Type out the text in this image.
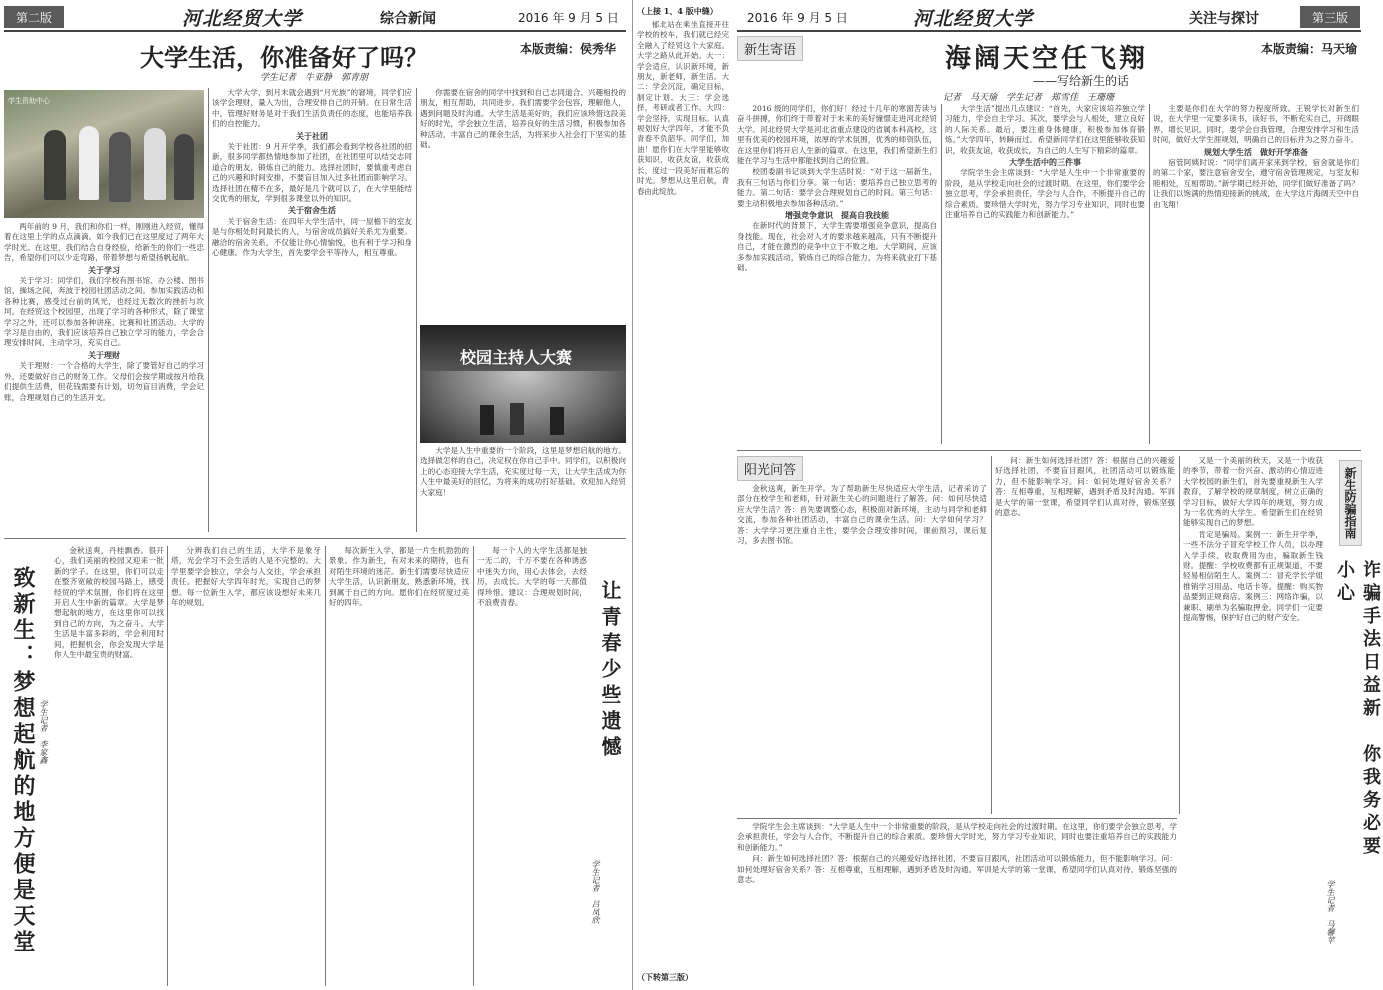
第二版	河北经贸大学	综合新闻	2016 年 9 月 5 日
大学生活，你准备好了吗？	本版责编：侯秀华
学生记者　牛亚静　郭青朋
学生资助中心

两年前的 9 月，我们和你们一样，刚刚进入经贸，懂得着在这里上学的点点滴滴。如今我们已在这里度过了两年大学时光。在这里，我们结合自身经验，给新生的你们一些忠告，希望你们可以少走弯路，带着梦想与希望扬帆起航。

关于学习

关于学习：同学们，我们学校有图书馆、办公楼、图书馆、操场之间，奔波于校园社团活动之间。参加实践活动和各种比赛，感受过台前的风光，也经过无数次的挫折与坎坷。在经贸这个校园里，出现了学习的各种形式，除了课堂学习之外，还可以参加各种讲座、比赛和社团活动。大学的学习是自由的，我们应该培养自己独立学习的能力，学会合理安排时间，主动学习，充实自己。

关于理财

关于理财：一个合格的大学生，除了要管好自己的学习外，还要做好自己的财务工作。父母们会按学期或按月给我们提供生活费，但花钱需要有计划，切勿盲目消费，学会记账，合理规划自己的生活开支。

大学大学，到月末就会遇到“月光族”的窘境，同学们应该学会理财，量入为出，合理安排自己的开销。在日常生活中，管理好财务是对于我们生活负责任的态度，也能培养我们的自控能力。

关于社团

关于社团：9 月开学季，我们都会看到学校各社团的招新，很多同学都热情地参加了社团，在社团里可以结交志同道合的朋友，锻炼自己的能力。选择社团时，要慎重考虑自己的兴趣和时间安排，不要盲目加入过多社团而影响学习。选择社团在精不在多，最好是几个就可以了，在大学里能结交优秀的朋友，学到很多课堂以外的知识。

关于宿舍生活

关于宿舍生活：在四年大学生活中，同一屋檐下的室友是与你相处时间最长的人，与宿舍成员搞好关系尤为重要。融洽的宿舍关系，不仅能让你心情愉悦，也有利于学习和身心健康。作为大学生，首先要学会平等待人，相互尊重。

你需要在宿舍的同学中找到和自己志同道合、兴趣相投的朋友，相互帮助，共同进步。我们需要学会包容，理解他人，遇到问题及时沟通。大学生活是美好的，我们应该珍惜这段美好的时光，学会独立生活，培养良好的生活习惯，积极参加各种活动，丰富自己的课余生活，为将来步入社会打下坚实的基础。

校园主持人大赛

大学是人生中重要的一个阶段，这里是梦想启航的地方。选择做怎样的自己，决定权在你自己手中。同学们，以积极向上的心态迎接大学生活，充实度过每一天，让大学生活成为你人生中最美好的回忆，为将来的成功打好基础。欢迎加入经贸大家庭！

致新生：梦想起航的地方便是天堂 学生记者　李家鑫

金秋送爽，丹桂飘香。很开心，我们美丽的校园又迎来一批新的学子。在这里，你们可以走在整齐宽敞的校园马路上，感受经贸的学术氛围，你们将在这里开启人生中新的篇章。大学是梦想起航的地方，在这里你可以找到自己的方向，为之奋斗。大学生活是丰富多彩的，学会利用时间，把握机会，你会发现大学是你人生中最宝贵的财富。

分辨我们自己的生活，大学不是象牙塔，光会学习不会生活的人是不完整的。大学里要学会独立，学会与人交往，学会承担责任。把握好大学四年时光，实现自己的梦想。每一位新生入学，都应该设想好未来几年的规划。

每次新生入学，都是一片生机勃勃的景象。作为新生，有对未来的期待，也有对陌生环境的迷茫。新生们需要尽快适应大学生活，认识新朋友，熟悉新环境，找到属于自己的方向。愿你们在经贸度过美好的四年。

每一个人的大学生活都是独一无二的，千万不要在各种诱惑中迷失方向，用心去体会，去经历，去成长。大学的每一天都值得珍惜。建议：合理规划时间，不浪费青春。	让青春少些遗憾
学生记者　吕凤欣
（上接 1、4 版中缝）

郁北站在乘坐直接开往学校的校车，我们就已经完全融入了经贸这个大家庭。大学之路从此开始。大一：学会适应，认识新环境，新朋友，新老师，新生活。大二：学会沉淀，确定目标，制定计划。大三：学会选择，考研或者工作。大四：学会坚持，实现目标。认真规划好大学四年，才能不负青春不负韶华。同学们，加油！愿你们在大学里能够收获知识，收获友谊，收获成长，度过一段美好而难忘的时光。梦想从这里启航，青春由此绽放。

（下转第三版）
2016 年 9 月 5 日	河北经贸大学	关注与探讨	第三版
新生寄语	海阔天空任飞翔	本版责编：马天瑜
——写给新生的话
记者　马天瑜　学生记者　郑雪佳　王珊珊

2016 级的同学们，你们好！经过十几年的寒窗苦读与奋斗拼搏，你们终于带着对于未来的美好憧憬走进河北经贸大学。河北经贸大学是河北省重点建设的省属本科高校，这里有优美的校园环境，浓厚的学术氛围，优秀的师资队伍，在这里你们将开启人生新的篇章。在这里，我们希望新生们能在学习与生活中都能找到自己的位置。

校团委副书记谈到大学生活时说：“对于这一届新生，我有三句话与你们分享。第一句话：要培养自己独立思考的能力。第二句话：要学会合理规划自己的时间。第三句话：要主动积极地去参加各种活动。”

增强竞争意识　提高自我技能

在新时代的背景下，大学生需要增强竞争意识，提高自身技能。现在，社会对人才的要求越来越高，只有不断提升自己，才能在激烈的竞争中立于不败之地。大学期间，应该多参加实践活动，锻炼自己的综合能力，为将来就业打下基础。

大学生活”提出几点建议：“首先，大家应该培养独立学习能力，学会自主学习。其次，要学会与人相处，建立良好的人际关系。最后，要注重身体健康，积极参加体育锻炼。”大学四年，转瞬而过。希望新同学们在这里能够收获知识，收获友谊，收获成长，为自己的人生写下精彩的篇章。

大学生活中的三件事

学院学生会主席谈到：“大学是人生中一个非常重要的阶段，是从学校走向社会的过渡时期。在这里，你们要学会独立思考，学会承担责任，学会与人合作，不断提升自己的综合素质。要珍惜大学时光，努力学习专业知识，同时也要注重培养自己的实践能力和创新能力。”

主要是你们在大学的努力程度所致。王锐学长对新生们说，在大学里一定要多读书，读好书，不断充实自己，开阔眼界，增长见识。同时，要学会自我管理，合理安排学习和生活时间，做好大学生涯规划，明确自己的目标并为之努力奋斗。

规划大学生活　做好开学准备

宿管阿姨时说：“同学们离开家来到学校，宿舍就是你们的第二个家，要注意宿舍安全，遵守宿舍管理规定，与室友和睦相处，互相帮助。”新学期已经开始，同学们做好准备了吗？让我们以饱满的热情迎接新的挑战，在大学这片海阔天空中自由飞翔！

阳光问答

金秋送爽，新生开学。为了帮助新生尽快适应大学生活，记者采访了部分在校学生和老师，针对新生关心的问题进行了解答。问：如何尽快适应大学生活？答：首先要调整心态，积极面对新环境，主动与同学和老师交流，参加各种社团活动，丰富自己的课余生活。问：大学如何学习？答：大学学习更注重自主性，要学会合理安排时间，课前预习，课后复习，多去图书馆。

问：新生如何选择社团？答：根据自己的兴趣爱好选择社团，不要盲目跟风，社团活动可以锻炼能力，但不能影响学习。问：如何处理好宿舍关系？答：互相尊重，互相理解，遇到矛盾及时沟通。军训是大学的第一堂课，希望同学们认真对待，锻炼坚强的意志。

又是一个美丽的秋天，又是一个收获的季节，带着一份兴奋、激动的心情迈进大学校园的新生们，首先要重视新生入学教育，了解学校的规章制度，树立正确的学习目标，做好大学四年的规划，努力成为一名优秀的大学生。希望新生们在经贸能够实现自己的梦想。

肯定是骗局。案例一：新生开学季，一些不法分子冒充学校工作人员，以办理入学手续、收取费用为由，骗取新生钱财。提醒：学校收费都有正规渠道，不要轻易相信陌生人。案例二：冒充学长学姐推销学习用品、电话卡等。提醒：购买物品要到正规商店。案例三：网络诈骗，以兼职、刷单为名骗取押金。同学们一定要提高警惕，保护好自己的财产安全。

新生防骗指南
诈骗手法日益新　你我务必要小心
学生记者　马馨苹

学院学生会主席谈到：“大学是人生中一个非常重要的阶段，是从学校走向社会的过渡时期。在这里，你们要学会独立思考，学会承担责任，学会与人合作，不断提升自己的综合素质。要珍惜大学时光，努力学习专业知识，同时也要注重培养自己的实践能力和创新能力。”

问：新生如何选择社团？答：根据自己的兴趣爱好选择社团，不要盲目跟风，社团活动可以锻炼能力，但不能影响学习。问：如何处理好宿舍关系？答：互相尊重，互相理解，遇到矛盾及时沟通。军训是大学的第一堂课，希望同学们认真对待，锻炼坚强的意志。
